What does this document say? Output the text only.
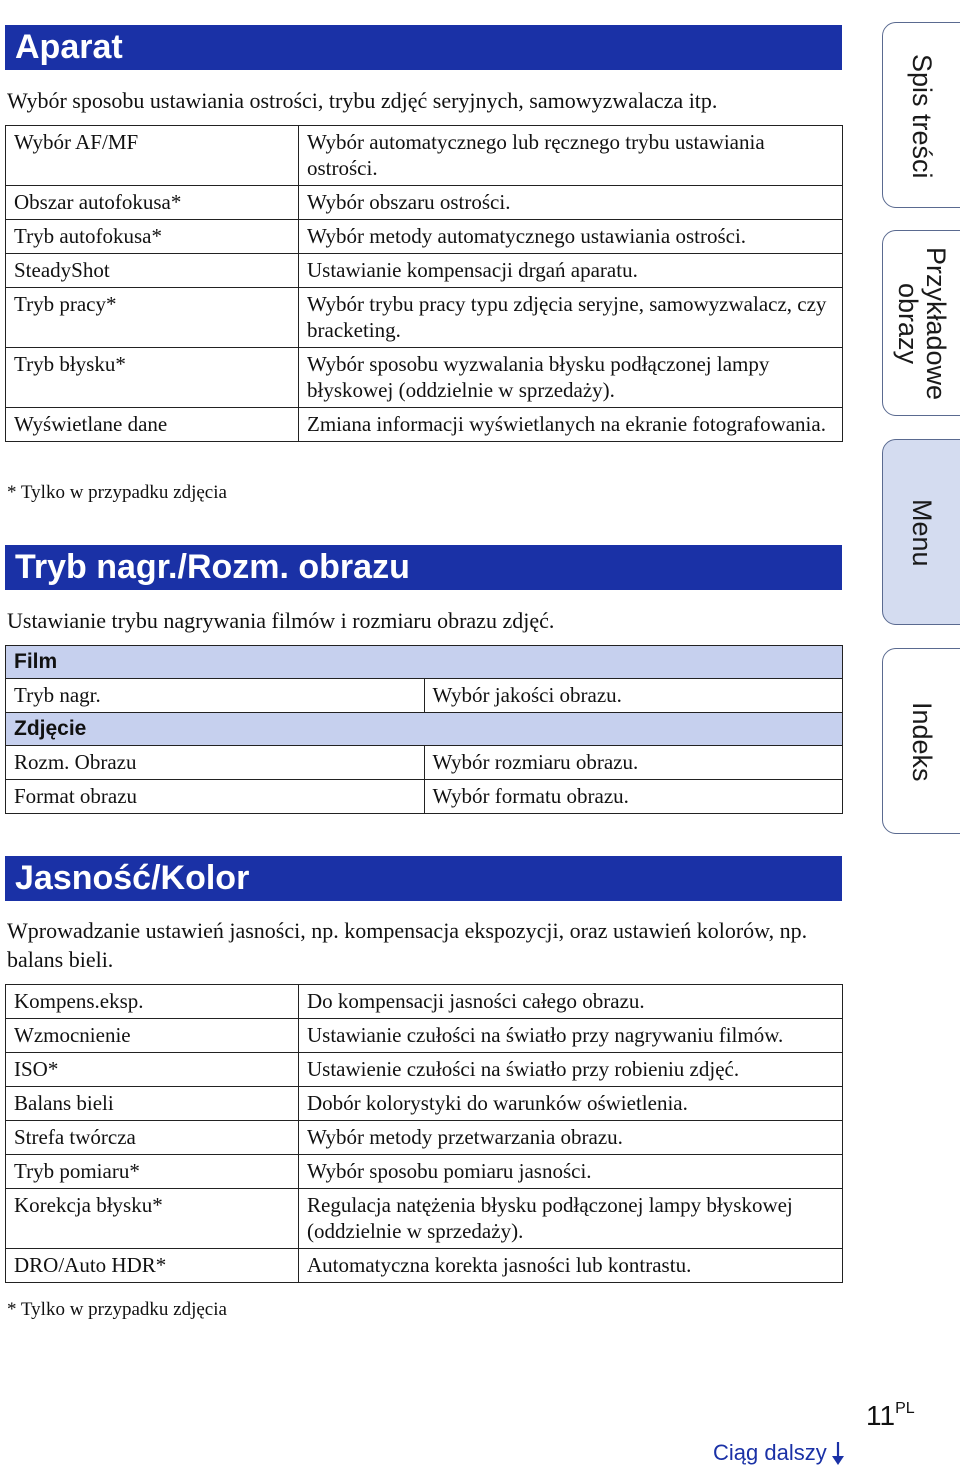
Aparat
Wybór sposobu ustawiania ostrości, trybu zdjęć seryjnych, samowyzwalacza itp.
Wybór AF/MF	Wybór automatycznego lub ręcznego trybu ustawiania ostrości.
Obszar autofokusa*	Wybór obszaru ostrości.
Tryb autofokusa*	Wybór metody automatycznego ustawiania ostrości.
SteadyShot	Ustawianie kompensacji drgań aparatu.
Tryb pracy*	Wybór trybu pracy typu zdjęcia seryjne, samowyzwalacz, czy bracketing.
Tryb błysku*	Wybór sposobu wyzwalania błysku podłączonej lampy błyskowej (oddzielnie w sprzedaży).
Wyświetlane dane	Zmiana informacji wyświetlanych na ekranie fotografowania.
* Tylko w przypadku zdjęcia
Tryb nagr./Rozm. obrazu
Ustawianie trybu nagrywania filmów i rozmiaru obrazu zdjęć.
Film	
Tryb nagr.	Wybór jakości obrazu.
Zdjęcie	
Rozm. Obrazu	Wybór rozmiaru obrazu.
Format obrazu	Wybór formatu obrazu.
Jasność/Kolor
Wprowadzanie ustawień jasności, np. kompensacja ekspozycji, oraz ustawień kolorów, np. balans bieli.
Kompens.eksp.	Do kompensacji jasności całego obrazu.
Wzmocnienie	Ustawianie czułości na światło przy nagrywaniu filmów.
ISO*	Ustawienie czułości na światło przy robieniu zdjęć.
Balans bieli	Dobór kolorystyki do warunków oświetlenia.
Strefa twórcza	Wybór metody przetwarzania obrazu.
Tryb pomiaru*	Wybór sposobu pomiaru jasności.
Korekcja błysku*	Regulacja natężenia błysku podłączonej lampy błyskowej (oddzielnie w sprzedaży).
DRO/Auto HDR*	Automatyczna korekta jasności lub kontrastu.
* Tylko w przypadku zdjęcia
Spis treści
Przykładowe
obrazy
Menu
Indeks
$11^{PL}$
Ciąg dalszy
